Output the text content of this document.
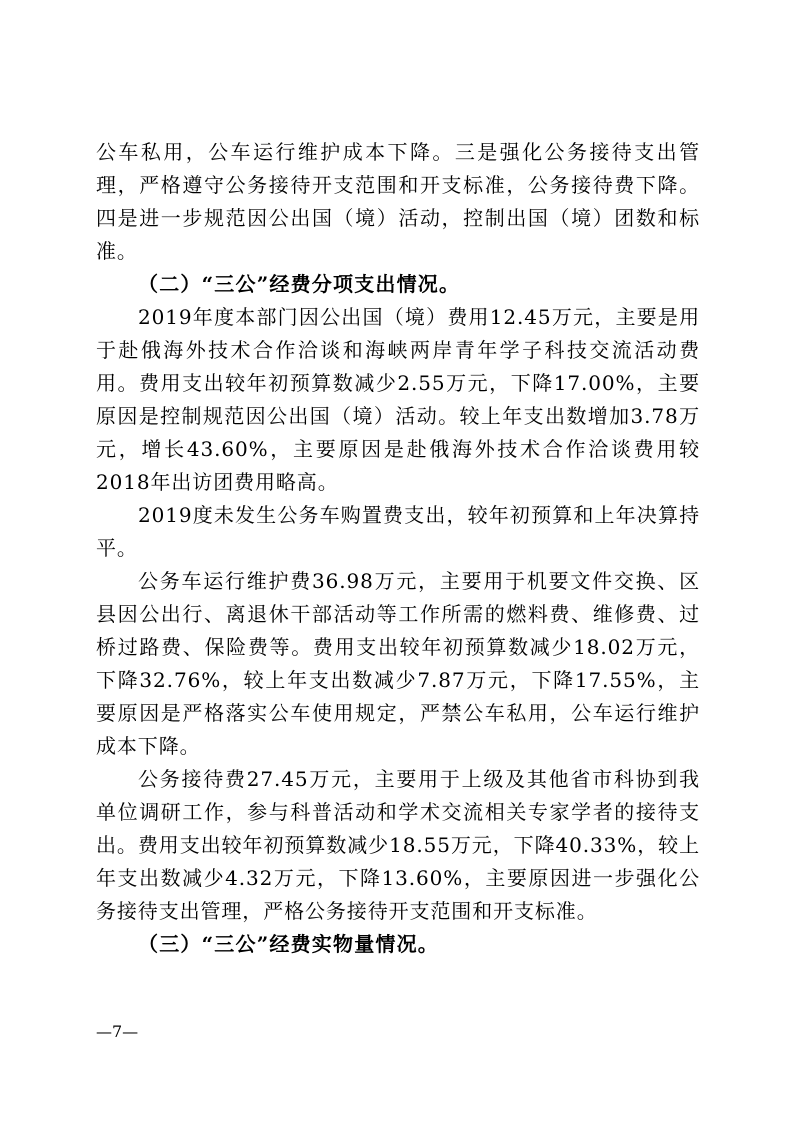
公车私用，公车运行维护成本下降。三是强化公务接待支出管理，严格遵守公务接待开支范围和开支标准，公务接待费下降。四是进一步规范因公出国（境）活动，控制出国（境）团数和标准。

（二）“三公”经费分项支出情况。

2019年度本部门因公出国（境）费用12.45万元，主要是用于赴俄海外技术合作洽谈和海峡两岸青年学子科技交流活动费用。费用支出较年初预算数减少2.55万元，下降17.00%，主要原因是控制规范因公出国（境）活动。较上年支出数增加3.78万元，增长43.60%，主要原因是赴俄海外技术合作洽谈费用较2018年出访团费用略高。

2019度未发生公务车购置费支出，较年初预算和上年决算持平。

公务车运行维护费36.98万元，主要用于机要文件交换、区县因公出行、离退休干部活动等工作所需的燃料费、维修费、过桥过路费、保险费等。费用支出较年初预算数减少18.02万元，下降32.76%，较上年支出数减少7.87万元，下降17.55%，主要原因是严格落实公车使用规定，严禁公车私用，公车运行维护成本下降。

公务接待费27.45万元，主要用于上级及其他省市科协到我单位调研工作，参与科普活动和学术交流相关专家学者的接待支出。费用支出较年初预算数减少18.55万元，下降40.33%，较上年支出数减少4.32万元，下降13.60%，主要原因进一步强化公务接待支出管理，严格公务接待开支范围和开支标准。

（三）“三公”经费实物量情况。

—7—
